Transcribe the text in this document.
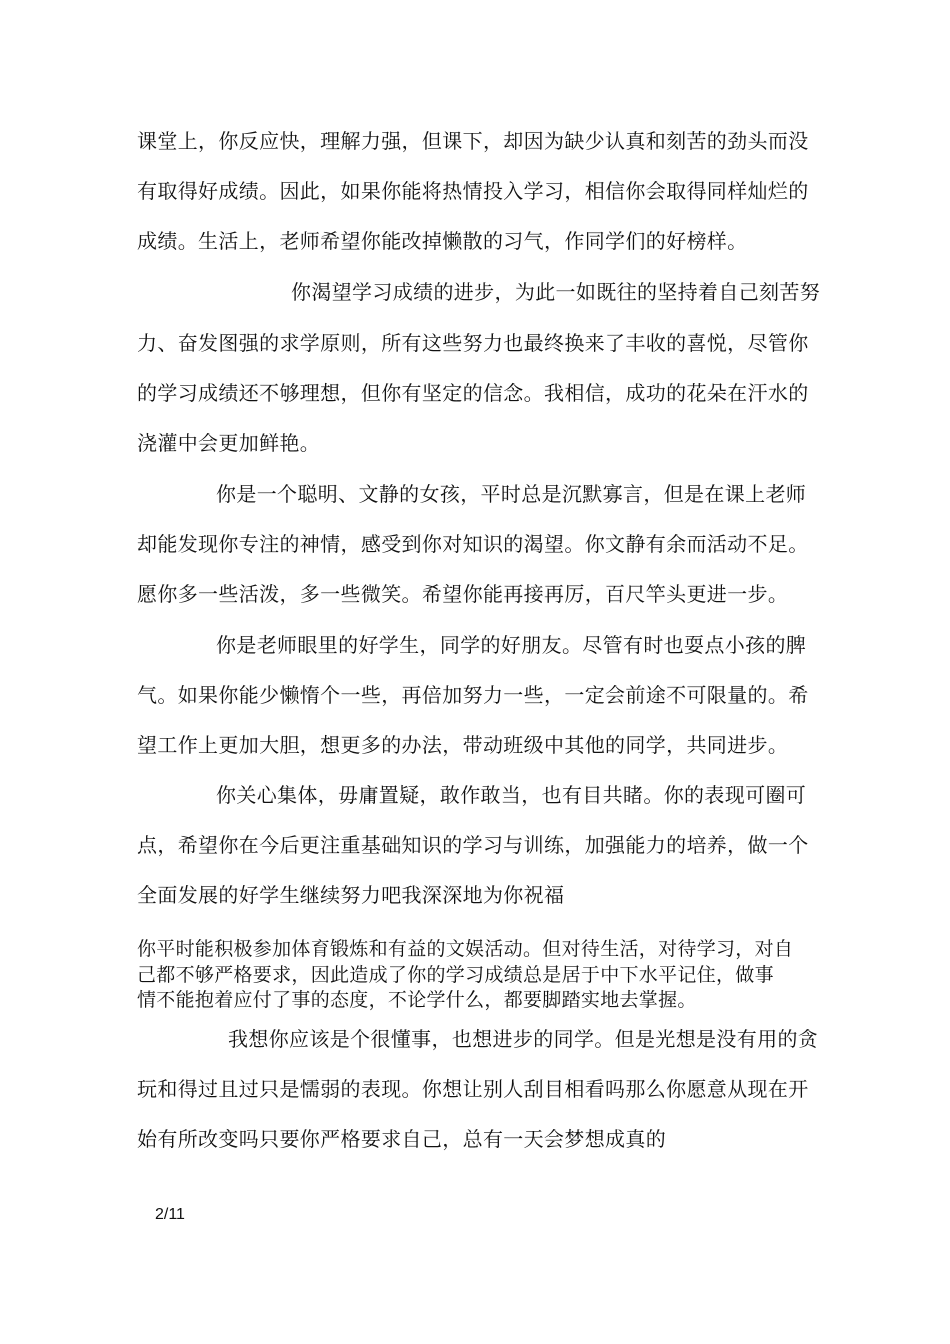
课堂上，你反应快，理解力强，但课下，却因为缺少认真和刻苦的劲头而没
有取得好成绩。因此，如果你能将热情投入学习，相信你会取得同样灿烂的
成绩。生活上，老师希望你能改掉懒散的习气，作同学们的好榜样。
你渴望学习成绩的进步，为此一如既往的坚持着自己刻苦努
力、奋发图强的求学原则，所有这些努力也最终换来了丰收的喜悦，尽管你
的学习成绩还不够理想，但你有坚定的信念。我相信，成功的花朵在汗水的
浇灌中会更加鲜艳。
你是一个聪明、文静的女孩，平时总是沉默寡言，但是在课上老师
却能发现你专注的神情，感受到你对知识的渴望。你文静有余而活动不足。
愿你多一些活泼，多一些微笑。希望你能再接再厉，百尺竿头更进一步。
你是老师眼里的好学生，同学的好朋友。尽管有时也耍点小孩的脾
气。如果你能少懒惰个一些，再倍加努力一些，一定会前途不可限量的。希
望工作上更加大胆，想更多的办法，带动班级中其他的同学，共同进步。
你关心集体，毋庸置疑，敢作敢当，也有目共睹。你的表现可圈可
点，希望你在今后更注重基础知识的学习与训练，加强能力的培养，做一个
全面发展的好学生继续努力吧我深深地为你祝福
你平时能积极参加体育锻炼和有益的文娱活动。但对待生活，对待学习，对自
己都不够严格要求，因此造成了你的学习成绩总是居于中下水平记住，做事
情不能抱着应付了事的态度，不论学什么，都要脚踏实地去掌握。
我想你应该是个很懂事，也想进步的同学。但是光想是没有用的贪
玩和得过且过只是懦弱的表现。你想让别人刮目相看吗那么你愿意从现在开
始有所改变吗只要你严格要求自己，总有一天会梦想成真的
2/11
